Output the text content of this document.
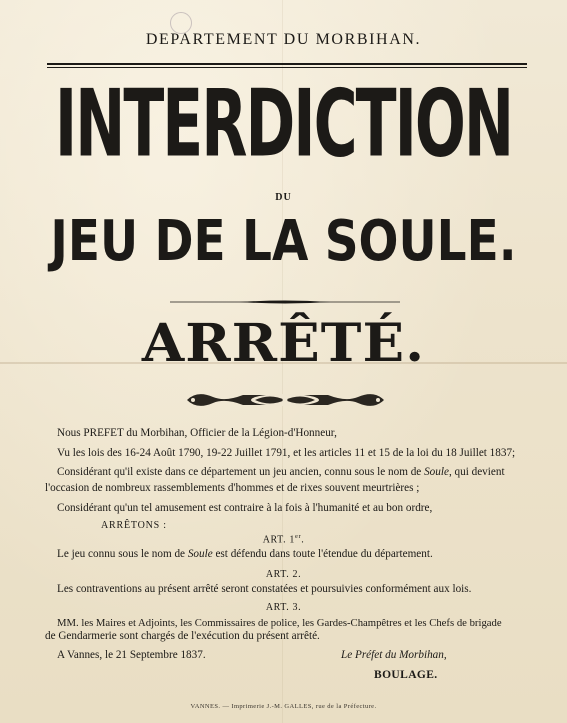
DEPARTEMENT DU MORBIHAN.
INTERDICTION
DU
JEU DE LA SOULE.
ARRÊTÉ.
Nous PREFET du Morbihan, Officier de la Légion-d'Honneur,
Vu les lois des 16-24 Août 1790, 19-22 Juillet 1791, et les articles 11 et 15 de la loi du 18 Juillet 1837;
Considérant qu'il existe dans ce département un jeu ancien, connu sous le nom de Soule, qui devient
l'occasion de nombreux rassemblements d'hommes et de rixes souvent meurtrières ;
Considérant qu'un tel amusement est contraire à la fois à l'humanité et au bon ordre,
ARRÊTONS :
ART. 1er.
Le jeu connu sous le nom de Soule est défendu dans toute l'étendue du département.
ART. 2.
Les contraventions au présent arrêté seront constatées et poursuivies conformément aux lois.
ART. 3.
MM. les Maires et Adjoints, les Commissaires de police, les Gardes-Champêtres et les Chefs de brigade
de Gendarmerie sont chargés de l'exécution du présent arrêté.
A Vannes, le 21 Septembre 1837.	Le Préfet du Morbihan,
BOULAGE.
VANNES. — Imprimerie J.-M. GALLES, rue de la Préfecture.
